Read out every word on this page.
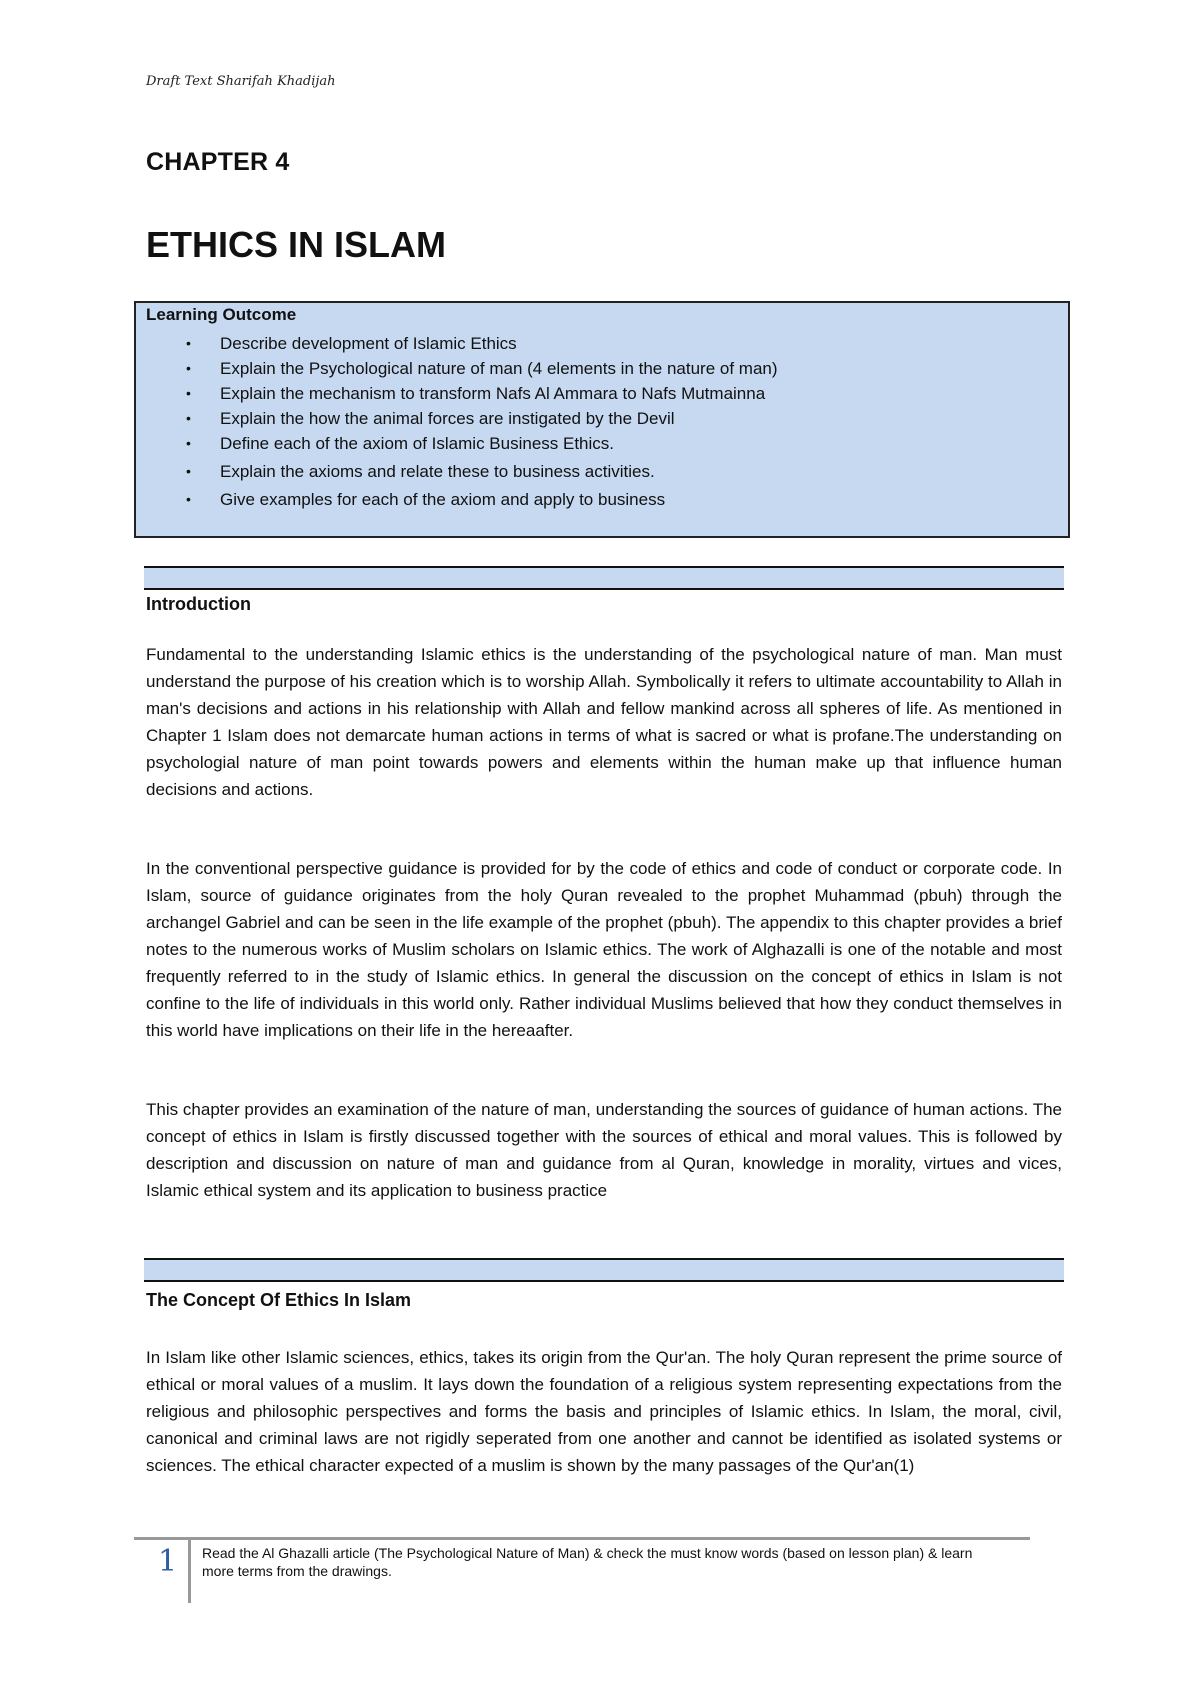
Draft Text Sharifah Khadijah
CHAPTER 4
ETHICS IN ISLAM
Learning Outcome
• Describe development of Islamic Ethics
• Explain the Psychological nature of man (4 elements in the nature of man)
• Explain the mechanism to transform Nafs Al Ammara to Nafs Mutmainna
• Explain the how the animal forces are instigated by the Devil
• Define each of the axiom of Islamic Business Ethics.
• Explain the axioms and relate these to business activities.
• Give examples for each of the axiom and apply to business
Introduction
Fundamental to the understanding Islamic ethics is the understanding of the psychological nature of man. Man must understand the purpose of his creation which is to worship Allah. Symbolically it refers to ultimate accountability to Allah in man's decisions and actions in his relationship with Allah and fellow mankind across all spheres of life. As mentioned in Chapter 1 Islam does not demarcate human actions in terms of what is sacred or what is profane.The understanding on psychologial nature of man point towards powers and elements within the human make up that influence human decisions and actions.
In the conventional perspective guidance is provided for by the code of ethics and code of conduct or corporate code. In Islam, source of guidance originates from the holy Quran revealed to the prophet Muhammad (pbuh) through the archangel Gabriel and can be seen in the life example of the prophet (pbuh). The appendix to this chapter provides a brief notes to the numerous works of Muslim scholars on Islamic ethics. The work of Alghazalli is one of the notable and most frequently referred to in the study of Islamic ethics. In general the discussion on the concept of ethics in Islam is not confine to the life of individuals in this world only. Rather individual Muslims believed that how they conduct themselves in this world have implications on their life in the hereaafter.
This chapter provides an examination of the nature of man, understanding the sources of guidance of human actions. The concept of ethics in Islam is firstly discussed together with the sources of ethical and moral values. This is followed by description and discussion on nature of man and guidance from al Quran, knowledge in morality, virtues and vices, Islamic ethical system and its application to business practice
The Concept Of Ethics In Islam
In Islam like other Islamic sciences, ethics, takes its origin from the Qur'an. The holy Quran represent the prime source of ethical or moral values of a muslim. It lays down the foundation of a religious system representing expectations from the religious and philosophic perspectives and forms the basis and principles of Islamic ethics. In Islam, the moral, civil, canonical and criminal laws are not rigidly seperated from one another and cannot be identified as isolated systems or sciences. The ethical character expected of a muslim is shown by the many passages of the Qur'an(1)
1 Read the Al Ghazalli article (The Psychological Nature of Man) & check the must know words (based on lesson plan) & learn more terms from the drawings.
